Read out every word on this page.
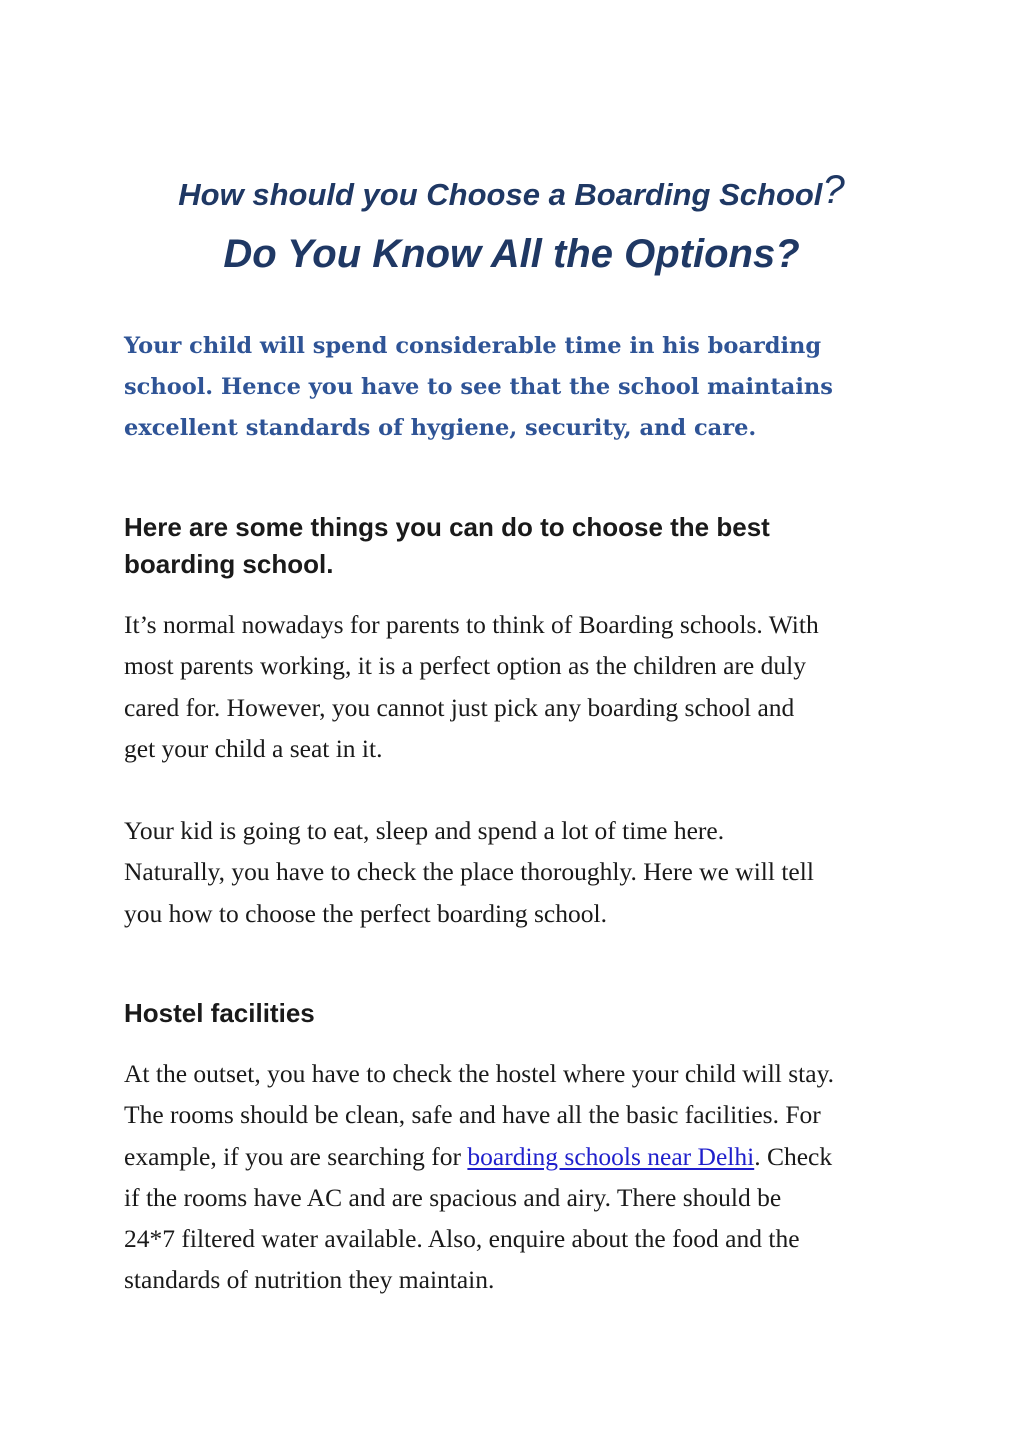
How should you Choose a Boarding School?
Do You Know All the Options?
Your child will spend considerable time in his boarding
school. Hence you have to see that the school maintains
excellent standards of hygiene, security, and care.
Here are some things you can do to choose the best
boarding school.
It’s normal nowadays for parents to think of Boarding schools. With
most parents working, it is a perfect option as the children are duly
cared for. However, you cannot just pick any boarding school and
get your child a seat in it.
Your kid is going to eat, sleep and spend a lot of time here.
Naturally, you have to check the place thoroughly. Here we will tell
you how to choose the perfect boarding school.
Hostel facilities
At the outset, you have to check the hostel where your child will stay.
The rooms should be clean, safe and have all the basic facilities. For
example, if you are searching for boarding schools near Delhi. Check
if the rooms have AC and are spacious and airy. There should be
24*7 filtered water available. Also, enquire about the food and the
standards of nutrition they maintain.
